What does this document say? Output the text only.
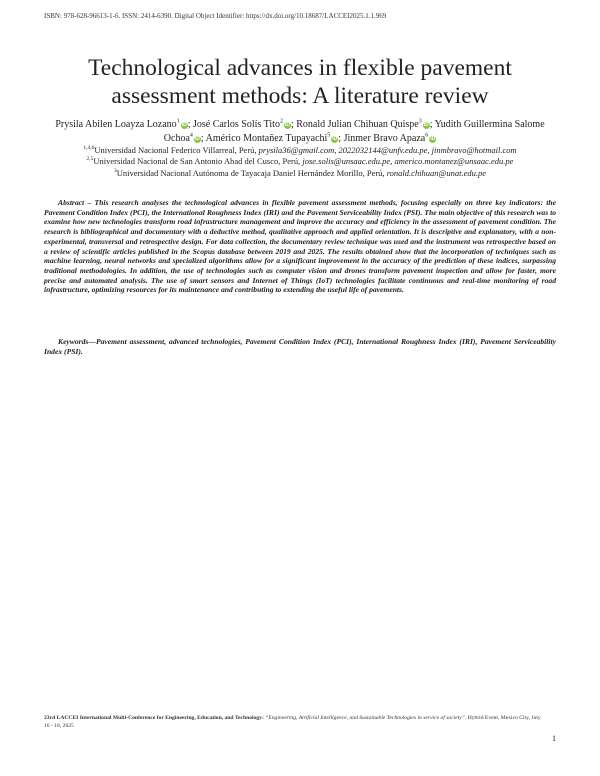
ISBN: 978-628-96613-1-6. ISSN: 2414-6390. Digital Object Identifier: https://dx.doi.org/10.18687/LACCEI2025.1.1.969
Technological advances in flexible pavement assessment methods: A literature review
Prysila Abilen Loayza Lozano$^1$iD; José Carlos Solís Tito$^2$iD; Ronald Julian Chihuan Quispe$^3$iD; Yudith Guillermina Salome Ochoa$^4$iD; Américo Montañez Tupayachi$^5$iD; Jinmer Bravo Apaza$^6$iD
$^{1,4,6}$Universidad Nacional Federico Villarreal, Perú, prysila36@gmail.com, 2022032144@unfv.edu.pe, jinmbravo@hotmail.com
$^{2,5}$Universidad Nacional de San Antonio Abad del Cusco, Perú, jose.solis@unsaac.edu.pe, americo.montanez@unsaac.edu.pe
$^3$Universidad Nacional Autónoma de Tayacaja Daniel Hernández Morillo, Perú, ronald.chihuan@unat.edu.pe

Abstract – This research analyses the technological advances in flexible pavement assessment methods, focusing especially on three key indicators: the Pavement Condition Index (PCI), the International Roughness Index (IRI) and the Pavement Serviceability Index (PSI). The main objective of this research was to examine how new technologies transform road infrastructure management and improve the accuracy and efficiency in the assessment of pavement condition. The research is bibliographical and documentary with a deductive method, qualitative approach and applied orientation. It is descriptive and explanatory, with a non-experimental, transversal and retrospective design. For data collection, the documentary review technique was used and the instrument was retrospective based on a review of scientific articles published in the Scopus database between 2019 and 2025. The results obtained show that the incorporation of techniques such as machine learning, neural networks and specialized algorithms allow for a significant improvement in the accuracy of the prediction of these indices, surpassing traditional methodologies. In addition, the use of technologies such as computer vision and drones transform pavement inspection and allow for faster, more precise and automated analysis. The use of smart sensors and Internet of Things (IoT) technologies facilitate continuous and real-time monitoring of road infrastructure, optimizing resources for its maintenance and contributing to extending the useful life of pavements.

Keywords—Pavement assessment, advanced technologies, Pavement Condition Index (PCI), International Roughness Index (IRI), Pavement Serviceability Index (PSI).

23rd LACCEI International Multi-Conference for Engineering, Education, and Technology: “Engineering, Artificial Intelligence, and Sustainable Technologies in service of society”. Hybrid Event, Mexico City, July 16 - 18, 2025
1
